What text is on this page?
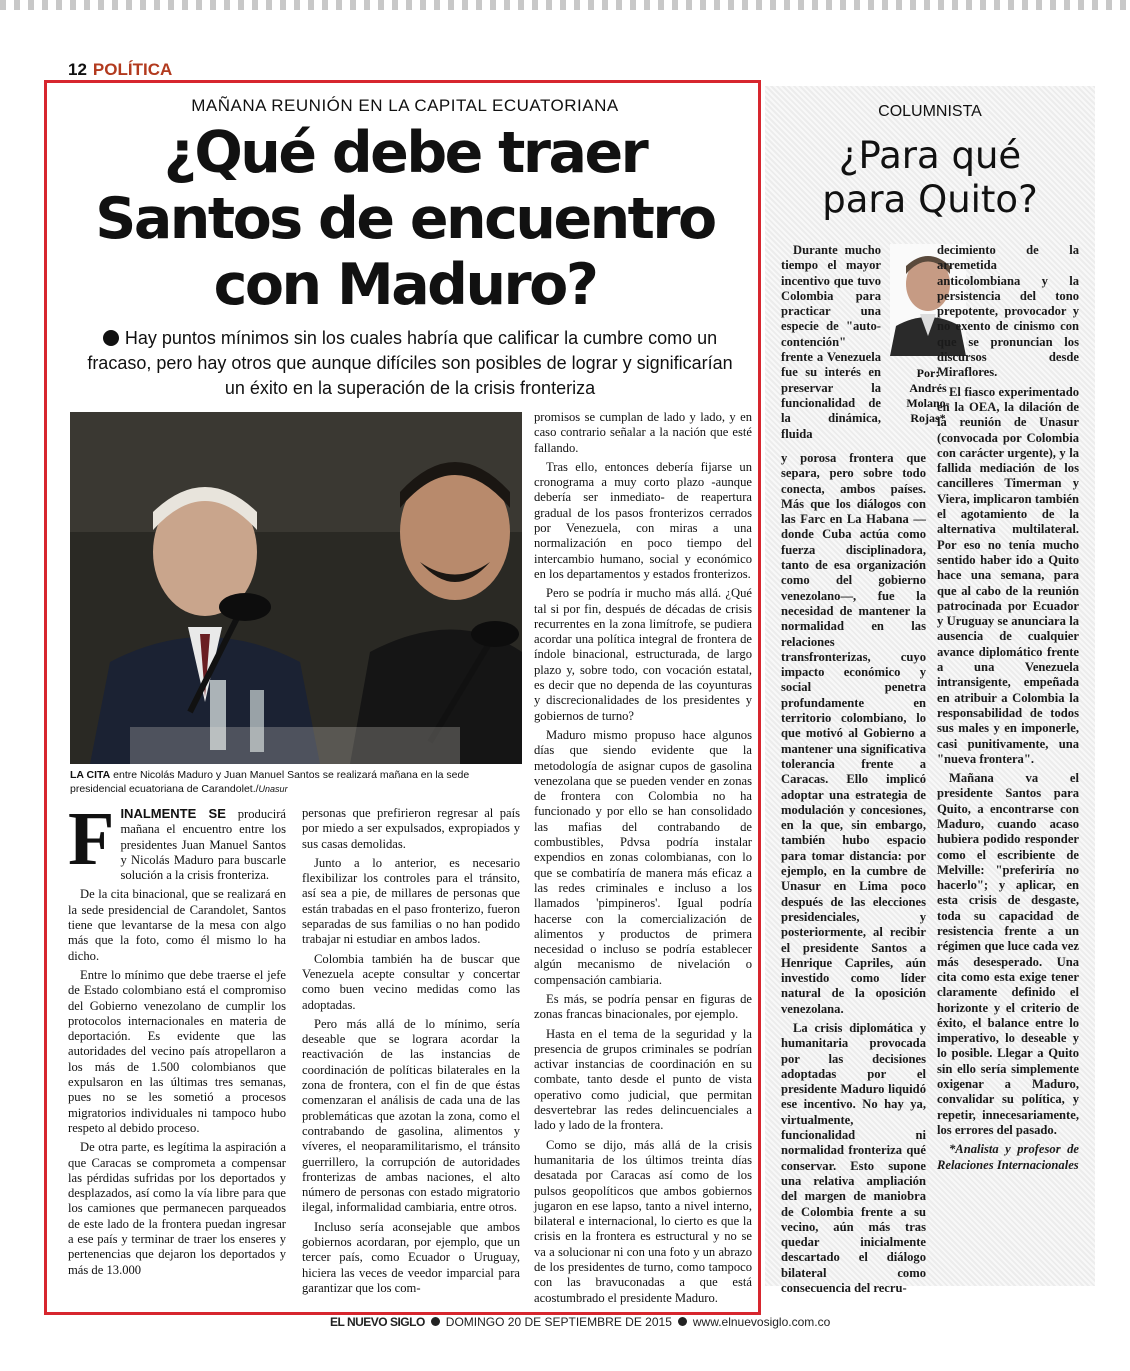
12 POLÍTICA
MAÑANA REUNIÓN EN LA CAPITAL ECUATORIANA
¿Qué debe traer
Santos de encuentro
con Maduro?
Hay puntos mínimos sin los cuales habría que calificar la cumbre como un fracaso, pero hay otros que aunque difíciles son posibles de lograr y significarían un éxito en la superación de la crisis fronteriza
LA CITA entre Nicolás Maduro y Juan Manuel Santos se realizará mañana en la sede presidencial ecuatoriana de Carandolet./Unasur

FINALMENTE SE producirá mañana el encuentro entre los presidentes Juan Manuel Santos y Nicolás Maduro para buscarle solución a la crisis fronteriza.

De la cita binacional, que se realizará en la sede presidencial de Carandolet, Santos tiene que levantarse de la mesa con algo más que la foto, como él mismo lo ha dicho.

Entre lo mínimo que debe traerse el jefe de Estado colombiano está el compromiso del Gobierno venezolano de cumplir los protocolos internacionales en materia de deportación. Es evidente que las autoridades del vecino país atropellaron a los más de 1.500 colombianos que expulsaron en las últimas tres semanas, pues no se les sometió a procesos migratorios individuales ni tampoco hubo respeto al debido proceso.

De otra parte, es legítima la aspiración a que Caracas se comprometa a compensar las pérdidas sufridas por los deportados y desplazados, así como la vía libre para que los camiones que permanecen parqueados de este lado de la frontera puedan ingresar a ese país y terminar de traer los enseres y pertenencias que dejaron los deportados y más de 13.000

personas que prefirieron regresar al país por miedo a ser expulsados, expropiados y sus casas demolidas.

Junto a lo anterior, es necesario flexibilizar los controles para el tránsito, así sea a pie, de millares de personas que están trabadas en el paso fronterizo, fueron separadas de sus familias o no han podido trabajar ni estudiar en ambos lados.

Colombia también ha de buscar que Venezuela acepte consultar y concertar como buen vecino medidas como las adoptadas.

Pero más allá de lo mínimo, sería deseable que se lograra acordar la reactivación de las instancias de coordinación de políticas bilaterales en la zona de frontera, con el fin de que éstas comenzaran el análisis de cada una de las problemáticas que azotan la zona, como el contrabando de gasolina, alimentos y víveres, el neoparamilitarismo, el tránsito guerrillero, la corrupción de autoridades fronterizas de ambas naciones, el alto número de personas con estado migratorio ilegal, informalidad cambiaria, entre otros.

Incluso sería aconsejable que ambos gobiernos acordaran, por ejemplo, que un tercer país, como Ecuador o Uruguay, hiciera las veces de veedor imparcial para garantizar que los com-

promisos se cumplan de lado y lado, y en caso contrario señalar a la nación que esté fallando.

Tras ello, entonces debería fijarse un cronograma a muy corto plazo -aunque debería ser inmediato- de reapertura gradual de los pasos fronterizos cerrados por Venezuela, con miras a una normalización en poco tiempo del intercambio humano, social y económico en los departamentos y estados fronterizos.

Pero se podría ir mucho más allá. ¿Qué tal si por fin, después de décadas de crisis recurrentes en la zona limítrofe, se pudiera acordar una política integral de frontera de índole binacional, estructurada, de largo plazo y, sobre todo, con vocación estatal, es decir que no dependa de las coyunturas y discrecionalidades de los presidentes y gobiernos de turno?

Maduro mismo propuso hace algunos días que siendo evidente que la metodología de asignar cupos de gasolina venezolana que se pueden vender en zonas de frontera con Colombia no ha funcionado y por ello se han consolidado las mafias del contrabando de combustibles, Pdvsa podría instalar expendios en zonas colombianas, con lo que se combatiría de manera más eficaz a las redes criminales e incluso a los llamados 'pimpineros'. Igual podría hacerse con la comercialización de alimentos y productos de primera necesidad o incluso se podría establecer algún mecanismo de nivelación o compensación cambiaria.

Es más, se podría pensar en figuras de zonas francas binacionales, por ejemplo.

Hasta en el tema de la seguridad y la presencia de grupos criminales se podrían activar instancias de coordinación en su combate, tanto desde el punto de vista operativo como judicial, que permitan desvertebrar las redes delincuenciales a lado y lado de la frontera.

Como se dijo, más allá de la crisis humanitaria de los últimos treinta días desatada por Caracas así como de los pulsos geopolíticos que ambos gobiernos jugaron en ese lapso, tanto a nivel interno, bilateral e internacional, lo cierto es que la crisis en la frontera es estructural y no se va a solucionar ni con una foto y un abrazo de los presidentes de turno, como tampoco con las bravuconadas a que está acostumbrado el presidente Maduro.

COLUMNISTA
¿Para qué
para Quito?
Por:
Andrés
Molano-
Rojas*

Durante mucho tiempo el mayor incentivo que tuvo Colombia para practicar una especie de "auto-contención" frente a Venezuela fue su interés en preservar la funcionalidad de la dinámica, fluida

y porosa frontera que separa, pero sobre todo conecta, ambos países. Más que los diálogos con las Farc en La Habana —donde Cuba actúa como fuerza disciplinadora, tanto de esa organización como del gobierno venezolano—, fue la necesidad de mantener la normalidad en las relaciones transfronterizas, cuyo impacto económico y social penetra profundamente en territorio colombiano, lo que motivó al Gobierno a mantener una significativa tolerancia frente a Caracas. Ello implicó adoptar una estrategia de modulación y concesiones, en la que, sin embargo, también hubo espacio para tomar distancia: por ejemplo, en la cumbre de Unasur en Lima poco después de las elecciones presidenciales, y posteriormente, al recibir el presidente Santos a Henrique Capriles, aún investido como líder natural de la oposición venezolana.

La crisis diplomática y humanitaria provocada por las decisiones adoptadas por el presidente Maduro liquidó ese incentivo. No hay ya, virtualmente, funcionalidad ni normalidad fronteriza qué conservar. Esto supone una relativa ampliación del margen de maniobra de Colombia frente a su vecino, aún más tras quedar inicialmente descartado el diálogo bilateral como consecuencia del recru-

decimiento de la arremetida anticolombiana y la persistencia del tono prepotente, provocador y no exento de cinismo con que se pronuncian los discursos desde Miraflores.

El fiasco experimentado en la OEA, la dilación de la reunión de Unasur (convocada por Colombia con carácter urgente), y la fallida mediación de los cancilleres Timerman y Viera, implicaron también el agotamiento de la alternativa multilateral. Por eso no tenía mucho sentido haber ido a Quito hace una semana, para que al cabo de la reunión patrocinada por Ecuador y Uruguay se anunciara la ausencia de cualquier avance diplomático frente a una Venezuela intransigente, empeñada en atribuir a Colombia la responsabilidad de todos sus males y en imponerle, casi punitivamente, una "nueva frontera".

Mañana va el presidente Santos para Quito, a encontrarse con Maduro, cuando acaso hubiera podido responder como el escribiente de Melville: "preferiría no hacerlo"; y aplicar, en esta crisis de desgaste, toda su capacidad de resistencia frente a un régimen que luce cada vez más desesperado. Una cita como esta exige tener claramente definido el horizonte y el criterio de éxito, el balance entre lo imperativo, lo deseable y lo posible. Llegar a Quito sin ello sería simplemente oxigenar a Maduro, convalidar su política, y repetir, innecesariamente, los errores del pasado.

*Analista y profesor de Relaciones Internacionales

EL NUEVO SIGLO DOMINGO 20 DE SEPTIEMBRE DE 2015 www.elnuevosiglo.com.co
